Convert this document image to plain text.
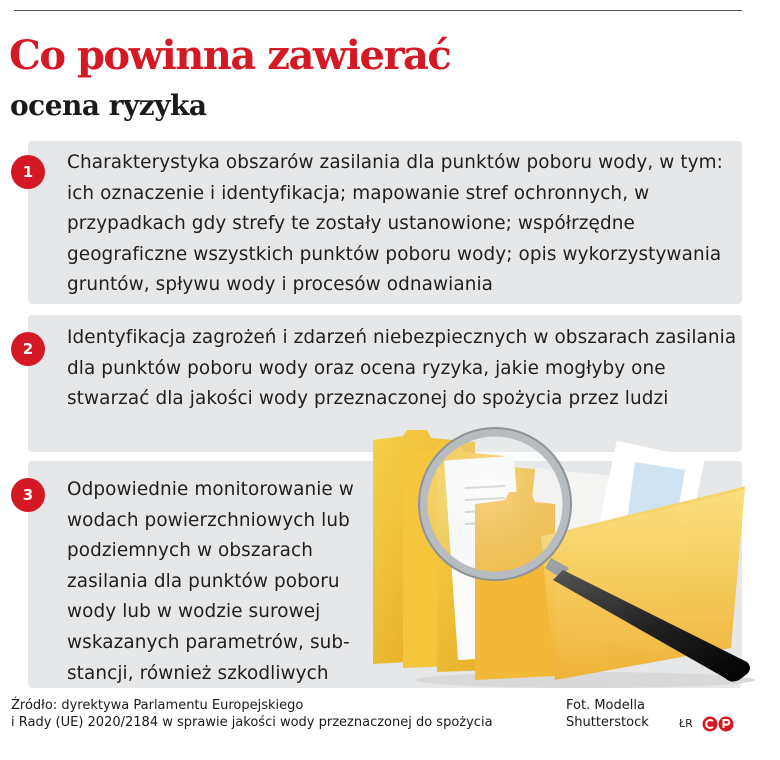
Co powinna zawierać
ocena ryzyka
1
2
3

Charakterystyka obszarów zasilania dla punktów poboru wody, w tym: ich oznaczenie i identyfikacja; mapowanie stref ochronnych, w przypadkach gdy strefy te zostały ustanowione; współrzędne geograficzne wszystkich punktów poboru wody; opis wykorzystywania gruntów, spływu wody i procesów odnawiania

Identyfikacja zagrożeń i zdarzeń niebezpiecznych w obszarach zasilania dla punktów poboru wody oraz ocena ryzyka, jakie mogłyby one stwarzać dla jakości wody przeznaczonej do spożycia przez ludzi

Odpowiednie monitorowanie w wodach powierzchniowych lub podziemnych w obszarach zasilania dla punktów poboru wody lub w wodzie surowej wskazanych parametrów, substancji, również szkodliwych

Źródło: dyrektywa Parlamentu Europejskiego
i Rady (UE) 2020/2184 w sprawie jakości wody przeznaczonej do spożycia

Fot. Modella
Shutterstock	ŁR
